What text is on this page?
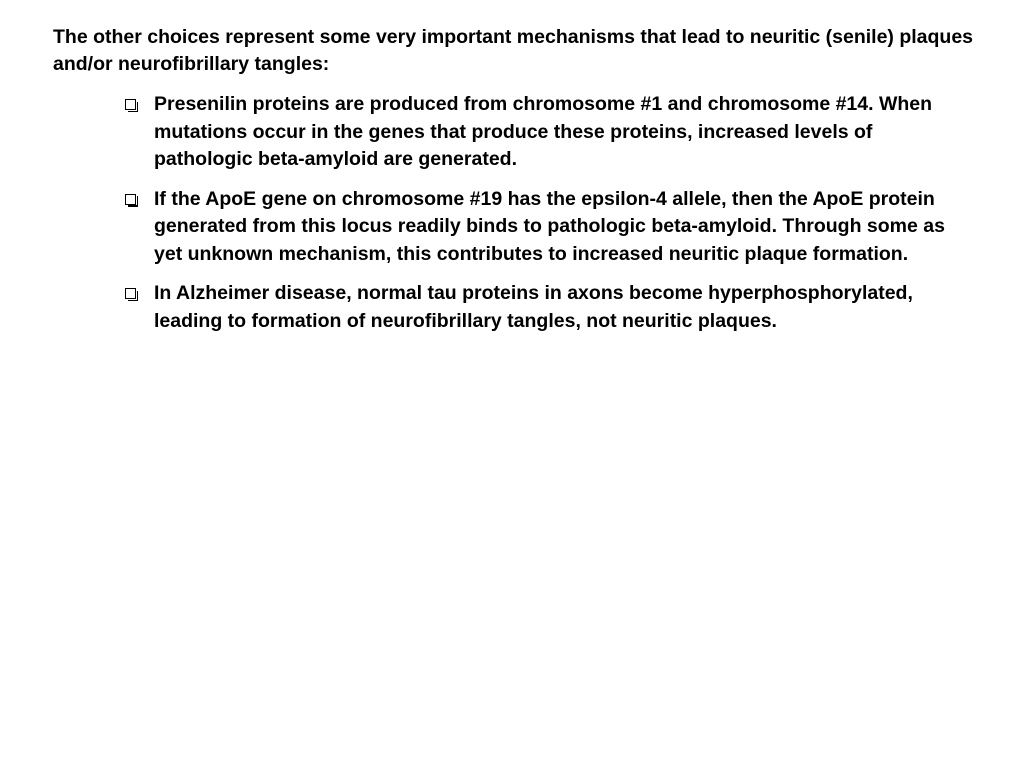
The other choices represent some very important mechanisms that lead to neuritic (senile) plaques and/or neurofibrillary tangles:

Presenilin proteins are produced from chromosome #1 and chromosome #14. When mutations occur in the genes that produce these proteins, increased levels of pathologic beta-amyloid are generated.
If the ApoE gene on chromosome #19 has the epsilon-4 allele, then the ApoE protein generated from this locus readily binds to pathologic beta-amyloid. Through some as yet unknown mechanism, this contributes to increased neuritic plaque formation.
In Alzheimer disease, normal tau proteins in axons become hyperphosphorylated, leading to formation of neurofibrillary tangles, not neuritic plaques.
